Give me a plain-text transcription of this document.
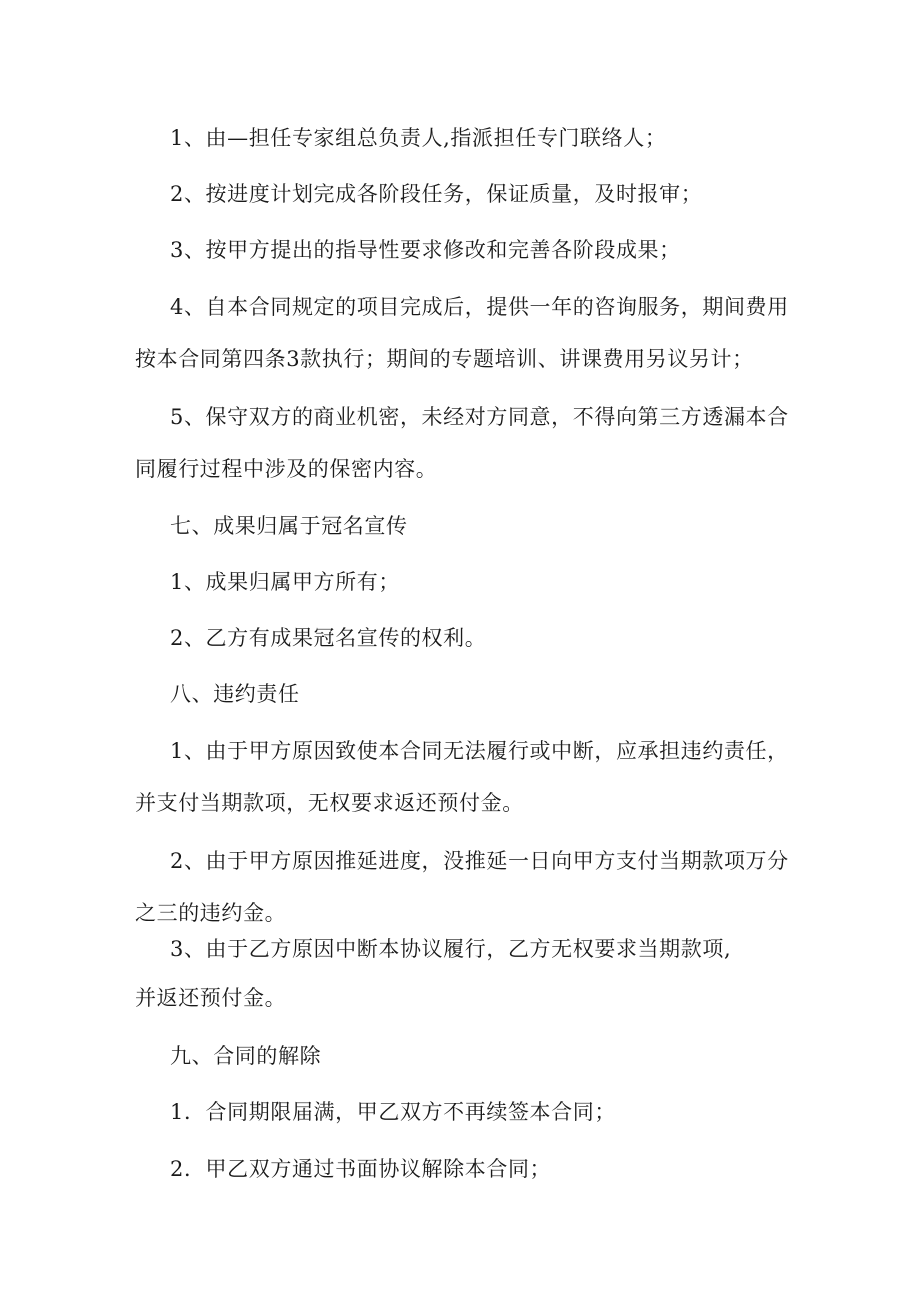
1、由—担任专家组总负责人,指派担任专门联络人；
2、按进度计划完成各阶段任务，保证质量，及时报审；
3、按甲方提出的指导性要求修改和完善各阶段成果；
4、自本合同规定的项目完成后，提供一年的咨询服务，期间费用
按本合同第四条3款执行；期间的专题培训、讲课费用另议另计；
5、保守双方的商业机密，未经对方同意，不得向第三方透漏本合
同履行过程中涉及的保密内容。
七、成果归属于冠名宣传
1、成果归属甲方所有；
2、乙方有成果冠名宣传的权利。
八、违约责任
1、由于甲方原因致使本合同无法履行或中断，应承担违约责任，
并支付当期款项，无权要求返还预付金。
2、由于甲方原因推延进度，没推延一日向甲方支付当期款项万分
之三的违约金。
3、由于乙方原因中断本协议履行，乙方无权要求当期款项,
并返还预付金。
九、合同的解除
1．合同期限届满，甲乙双方不再续签本合同；
2．甲乙双方通过书面协议解除本合同；
